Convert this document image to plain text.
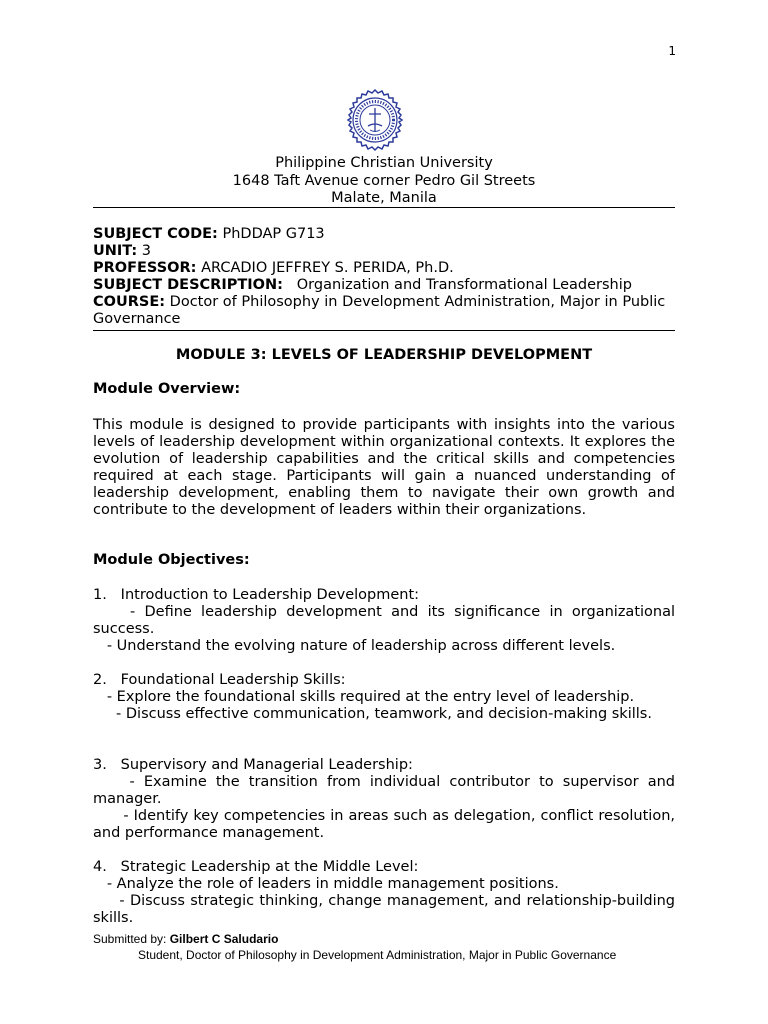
1
Philippine Christian University
1648 Taft Avenue corner Pedro Gil Streets
Malate, Manila
SUBJECT CODE: PhDDAP G713
UNIT: 3
PROFESSOR: ARCADIO JEFFREY S. PERIDA, Ph.D.
SUBJECT DESCRIPTION:   Organization and Transformational Leadership
COURSE: Doctor of Philosophy in Development Administration, Major in Public Governance
MODULE 3: LEVELS OF LEADERSHIP DEVELOPMENT
Module Overview:
This module is designed to provide participants with insights into the various levels of leadership development within organizational contexts. It explores the evolution of leadership capabilities and the critical skills and competencies required at each stage. Participants will gain a nuanced understanding of leadership development, enabling them to navigate their own growth and contribute to the development of leaders within their organizations.
Module Objectives:
1.   Introduction to Leadership Development:
- Define leadership development and its significance in organizational success.
- Understand the evolving nature of leadership across different levels.
2.   Foundational Leadership Skills:
- Explore the foundational skills required at the entry level of leadership.
- Discuss effective communication, teamwork, and decision-making skills.
3.   Supervisory and Managerial Leadership:
- Examine the transition from individual contributor to supervisor and manager.
- Identify key competencies in areas such as delegation, conflict resolution, and performance management.
4.   Strategic Leadership at the Middle Level:
- Analyze the role of leaders in middle management positions.
- Discuss strategic thinking, change management, and relationship-building skills.
Submitted by: Gilbert C Saludario
Student, Doctor of Philosophy in Development Administration, Major in Public Governance
